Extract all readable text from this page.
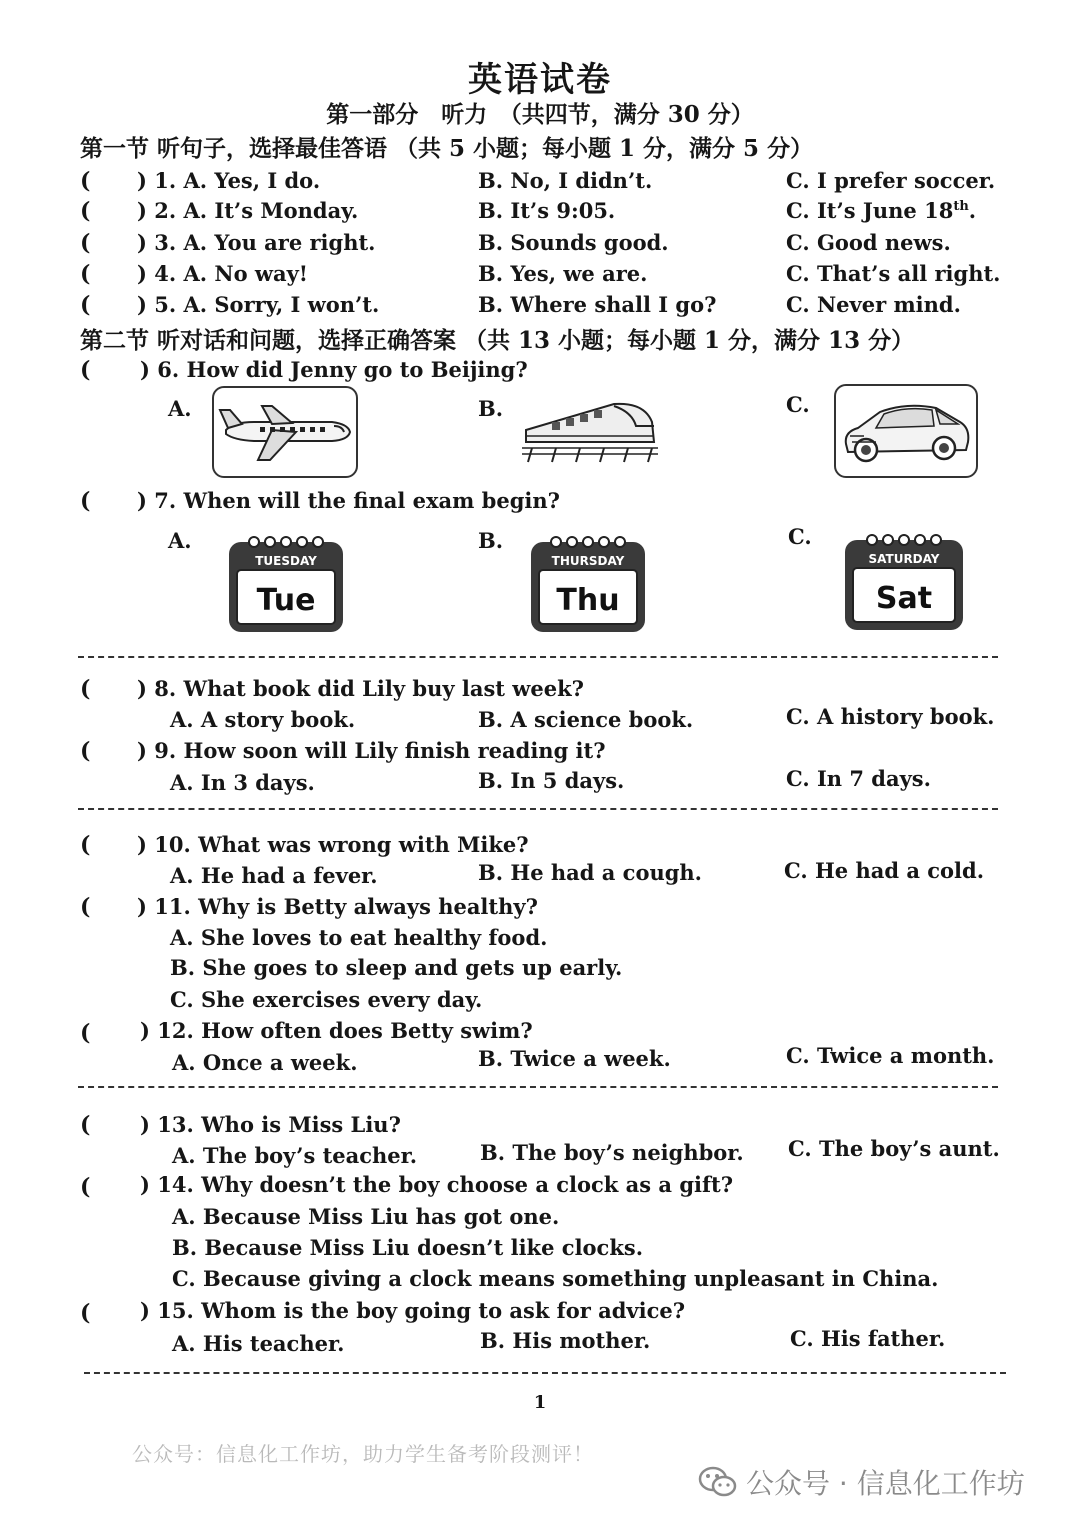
英语试卷
第一部分　听力　（共四节，满分 30 分）
第一节 听句子，选择最佳答语 （共 5 小题；每小题 1 分，满分 5 分）
( ) 1. A. Yes, I do.	B. No, I didn’t.	C. I prefer soccer.
( ) 2. A. It’s Monday.	B. It’s 9:05.	C. It’s June 18th.
( ) 3. A. You are right.	B. Sounds good.	C. Good news.
( ) 4. A. No way!	B. Yes, we are.	C. That’s all right.
( ) 5. A. Sorry, I won’t.	B. Where shall I go?	C. Never mind.
第二节 听对话和问题，选择正确答案 （共 13 小题；每小题 1 分，满分 13 分）
( ) 6. How did Jenny go to Beijing?
A.	B.	C.
( ) 7. When will the final exam begin?
A.	B.	C.
TUESDAY
Tue
THURSDAY
Thu
SATURDAY
Sat
( ) 8. What book did Lily buy last week?
A. A story book.	B. A science book.	C. A history book.
( ) 9. How soon will Lily finish reading it?
A. In 3 days.	B. In 5 days.	C. In 7 days.
( ) 10. What was wrong with Mike?
A. He had a fever.	B. He had a cough.	C. He had a cold.
( ) 11. Why is Betty always healthy?
A. She loves to eat healthy food.
B. She goes to sleep and gets up early.
C. She exercises every day.
( ) 12. How often does Betty swim?
A. Once a week.	B. Twice a week.	C. Twice a month.
( ) 13. Who is Miss Liu?
A. The boy’s teacher.	B. The boy’s neighbor. C. The boy’s aunt.
( ) 14. Why doesn’t the boy choose a clock as a gift?
A. Because Miss Liu has got one.
B. Because Miss Liu doesn’t like clocks.
C. Because giving a clock means something unpleasant in China.
( ) 15. Whom is the boy going to ask for advice?
A. His teacher.	B. His mother.	C. His father.
1
公众号：信息化工作坊，助力学生备考阶段测评！
公众号 · 信息化工作坊
